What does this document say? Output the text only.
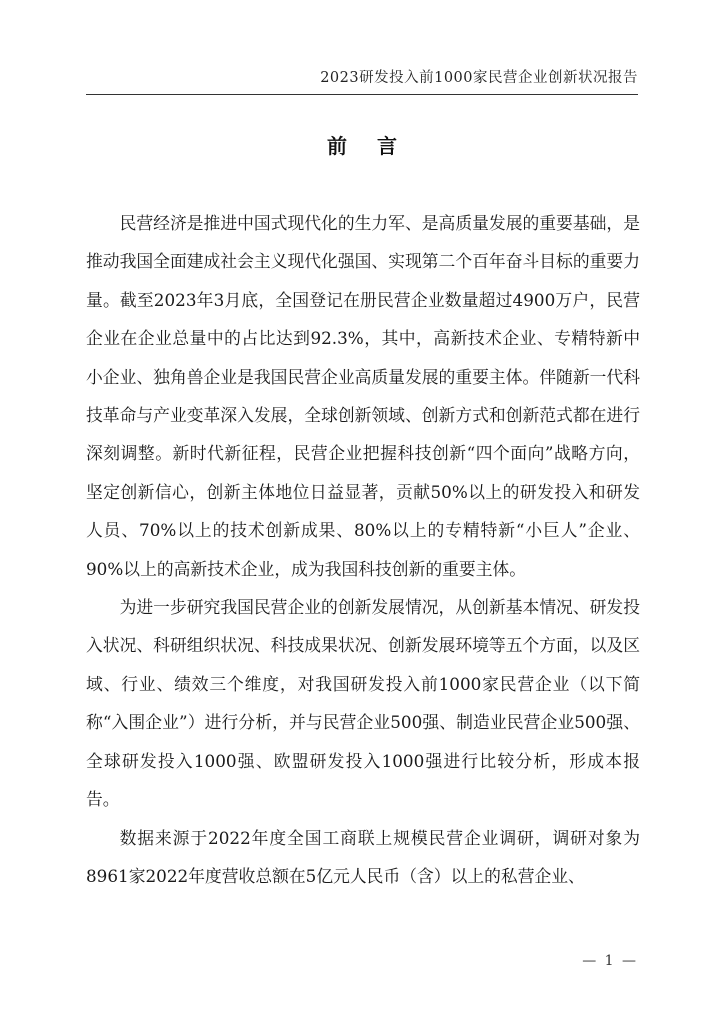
2023研发投入前1000家民营企业创新状况报告
前言

民营经济是推进中国式现代化的生力军、是高质量发展的重要基础，是推动我国全面建成社会主义现代化强国、实现第二个百年奋斗目标的重要力量。截至2023年3月底，全国登记在册民营企业数量超过4900万户，民营企业在企业总量中的占比达到92.3%，其中，高新技术企业、专精特新中小企业、独角兽企业是我国民营企业高质量发展的重要主体。伴随新一代科技革命与产业变革深入发展，全球创新领域、创新方式和创新范式都在进行深刻调整。新时代新征程，民营企业把握科技创新“四个面向”战略方向，坚定创新信心，创新主体地位日益显著，贡献50%以上的研发投入和研发人员、70%以上的技术创新成果、80%以上的专精特新“小巨人”企业、90%以上的高新技术企业，成为我国科技创新的重要主体。

为进一步研究我国民营企业的创新发展情况，从创新基本情况、研发投入状况、科研组织状况、科技成果状况、创新发展环境等五个方面，以及区域、行业、绩效三个维度，对我国研发投入前1000家民营企业（以下简称“入围企业”）进行分析，并与民营企业500强、制造业民营企业500强、全球研发投入1000强、欧盟研发投入1000强进行比较分析，形成本报告。

数据来源于2022年度全国工商联上规模民营企业调研，调研对象为8961家2022年度营收总额在5亿元人民币（含）以上的私营企业、

— 1 —
